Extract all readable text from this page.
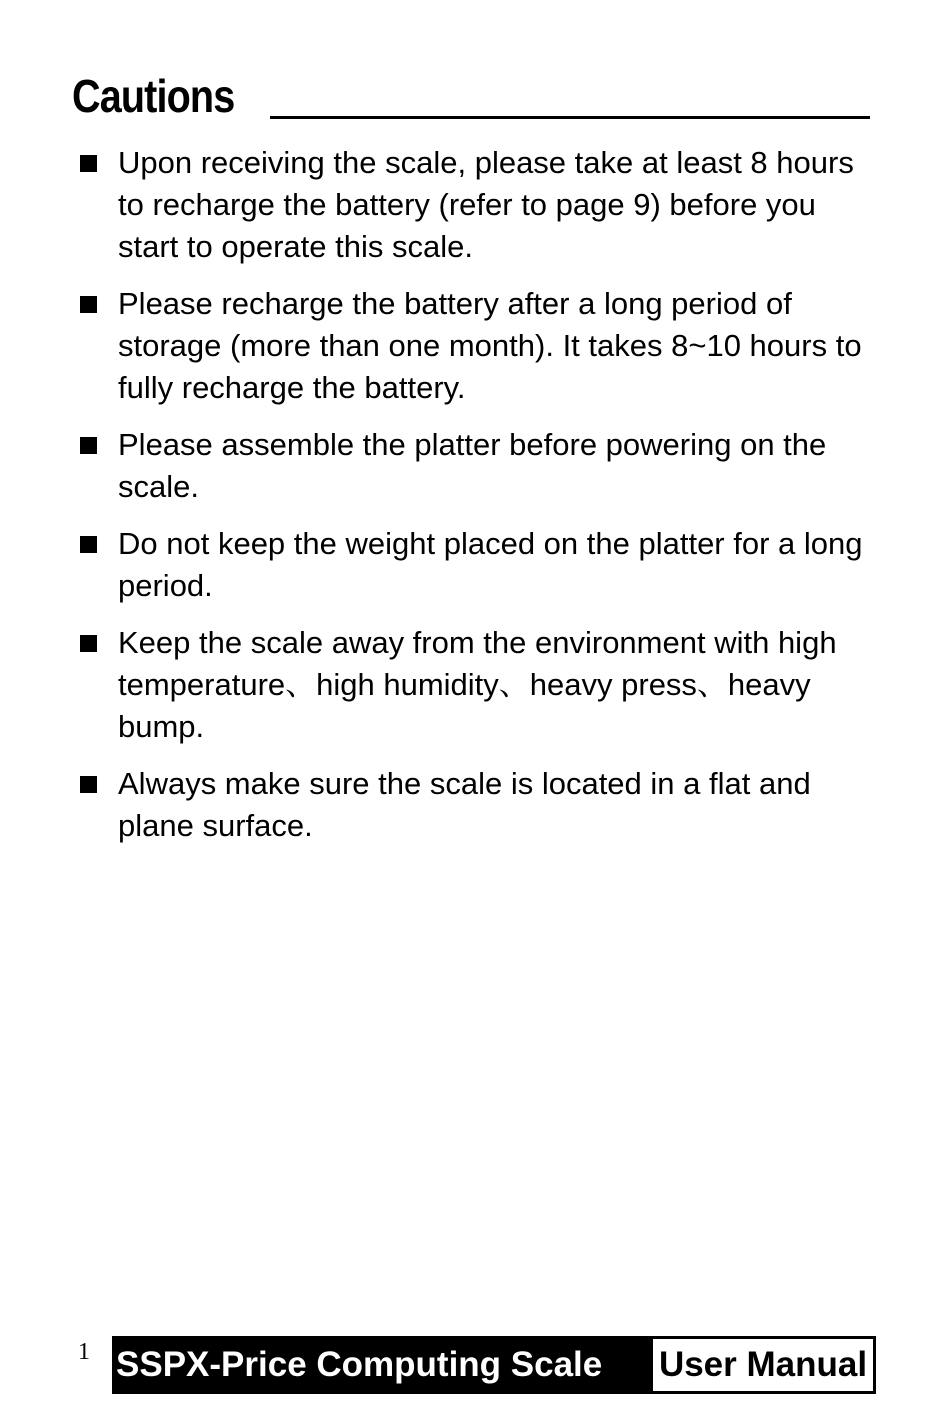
Cautions
Upon receiving the scale, please take at least 8 hours to recharge the battery (refer to page 9) before you start to operate this scale.
Please recharge the battery after a long period of storage (more than one month). It takes 8~10 hours to fully recharge the battery.
Please assemble the platter before powering on the scale.
Do not keep the weight placed on the platter for a long period.
Keep the scale away from the environment with high temperature、high humidity、heavy press、heavy bump.
Always make sure the scale is located in a flat and plane surface.
1 SSPX-Price Computing Scale	User Manual
